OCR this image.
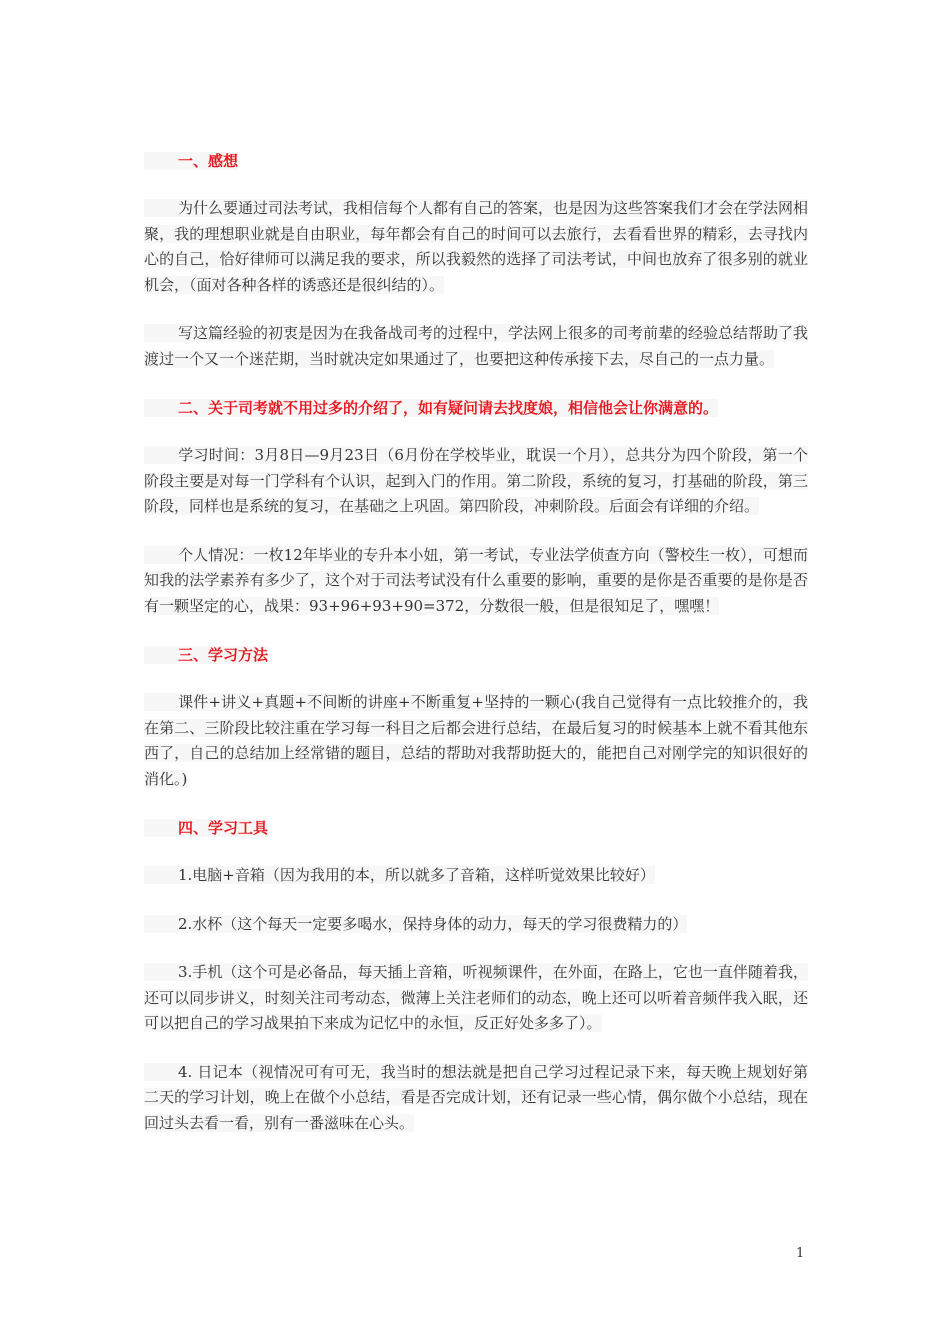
一、感想
为什么要通过司法考试，我相信每个人都有自己的答案，也是因为这些答案我们才会在学法网相聚，我的理想职业就是自由职业，每年都会有自己的时间可以去旅行，去看看世界的精彩，去寻找内心的自己，恰好律师可以满足我的要求，所以我毅然的选择了司法考试，中间也放弃了很多别的就业机会，（面对各种各样的诱惑还是很纠结的）。
写这篇经验的初衷是因为在我备战司考的过程中，学法网上很多的司考前辈的经验总结帮助了我渡过一个又一个迷茫期，当时就决定如果通过了，也要把这种传承接下去，尽自己的一点力量。
二、关于司考就不用过多的介绍了，如有疑问请去找度娘，相信他会让你满意的。
学习时间：3月8日—9月23日（6月份在学校毕业，耽误一个月），总共分为四个阶段，第一个阶段主要是对每一门学科有个认识，起到入门的作用。第二阶段，系统的复习，打基础的阶段，第三阶段，同样也是系统的复习，在基础之上巩固。第四阶段，冲刺阶段。后面会有详细的介绍。
个人情况：一枚12年毕业的专升本小妞，第一考试，专业法学侦查方向（警校生一枚），可想而知我的法学素养有多少了，这个对于司法考试没有什么重要的影响，重要的是你是否重要的是你是否有一颗坚定的心，战果：93+96+93+90=372，分数很一般，但是很知足了，嘿嘿！
三、学习方法
课件+讲义+真题+不间断的讲座+不断重复+坚持的一颗心(我自己觉得有一点比较推介的，我在第二、三阶段比较注重在学习每一科目之后都会进行总结，在最后复习的时候基本上就不看其他东西了，自己的总结加上经常错的题目，总结的帮助对我帮助挺大的，能把自己对刚学完的知识很好的消化。)
四、学习工具
1.电脑+音箱（因为我用的本，所以就多了音箱，这样听觉效果比较好）
2.水杯（这个每天一定要多喝水，保持身体的动力，每天的学习很费精力的）
3.手机（这个可是必备品，每天插上音箱，听视频课件，在外面，在路上，它也一直伴随着我，还可以同步讲义，时刻关注司考动态，微薄上关注老师们的动态，晚上还可以听着音频伴我入眠，还可以把自己的学习战果拍下来成为记忆中的永恒，反正好处多多了）。
4. 日记本（视情况可有可无，我当时的想法就是把自己学习过程记录下来，每天晚上规划好第二天的学习计划，晚上在做个小总结，看是否完成计划，还有记录一些心情，偶尔做个小总结，现在回过头去看一看，别有一番滋味在心头。
1
